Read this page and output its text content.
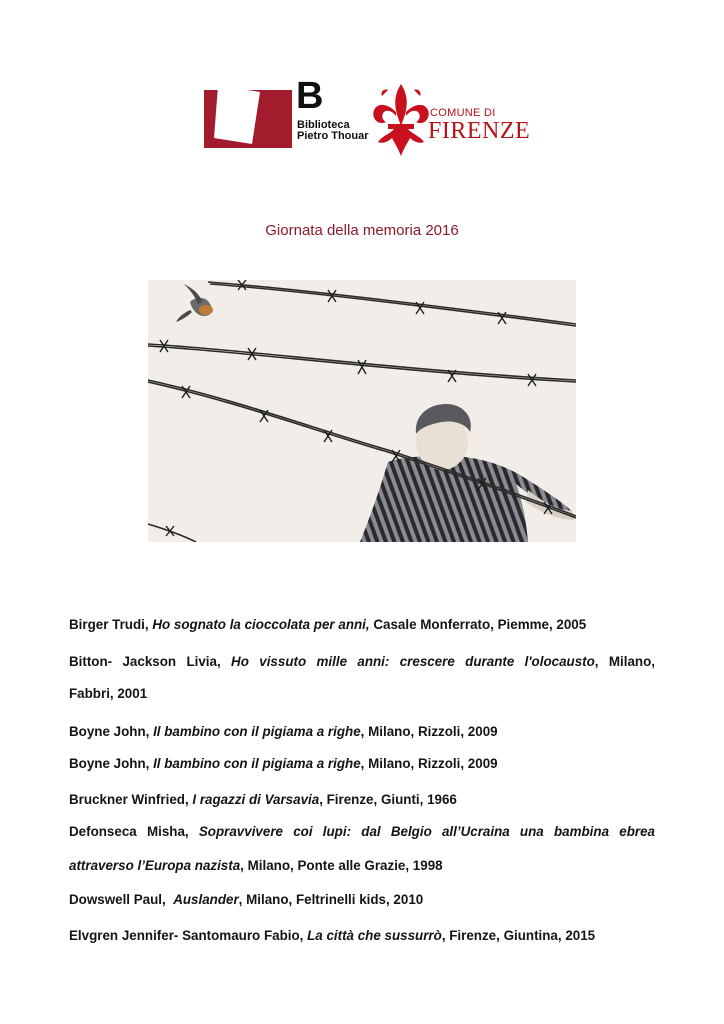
B
Biblioteca
Pietro Thouar
COMUNE DI
FIRENZE
Giornata della memoria 2016
Birger Trudi, Ho sognato la cioccolata per anni, Casale Monferrato, Piemme, 2005
Bitton- Jackson Livia, Ho vissuto mille anni: crescere durante l'olocausto, Milano,
Fabbri, 2001
Boyne John, Il bambino con il pigiama a righe, Milano, Rizzoli, 2009
Boyne John, Il bambino con il pigiama a righe, Milano, Rizzoli, 2009
Bruckner Winfried, I ragazzi di Varsavia, Firenze, Giunti, 1966
Defonseca Misha, Sopravvivere coi lupi: dal Belgio all’Ucraina una bambina ebrea
attraverso l’Europa nazista, Milano, Ponte alle Grazie, 1998
Dowswell Paul,  Auslander, Milano, Feltrinelli kids, 2010
Elvgren Jennifer- Santomauro Fabio, La città che sussurrò, Firenze, Giuntina, 2015
